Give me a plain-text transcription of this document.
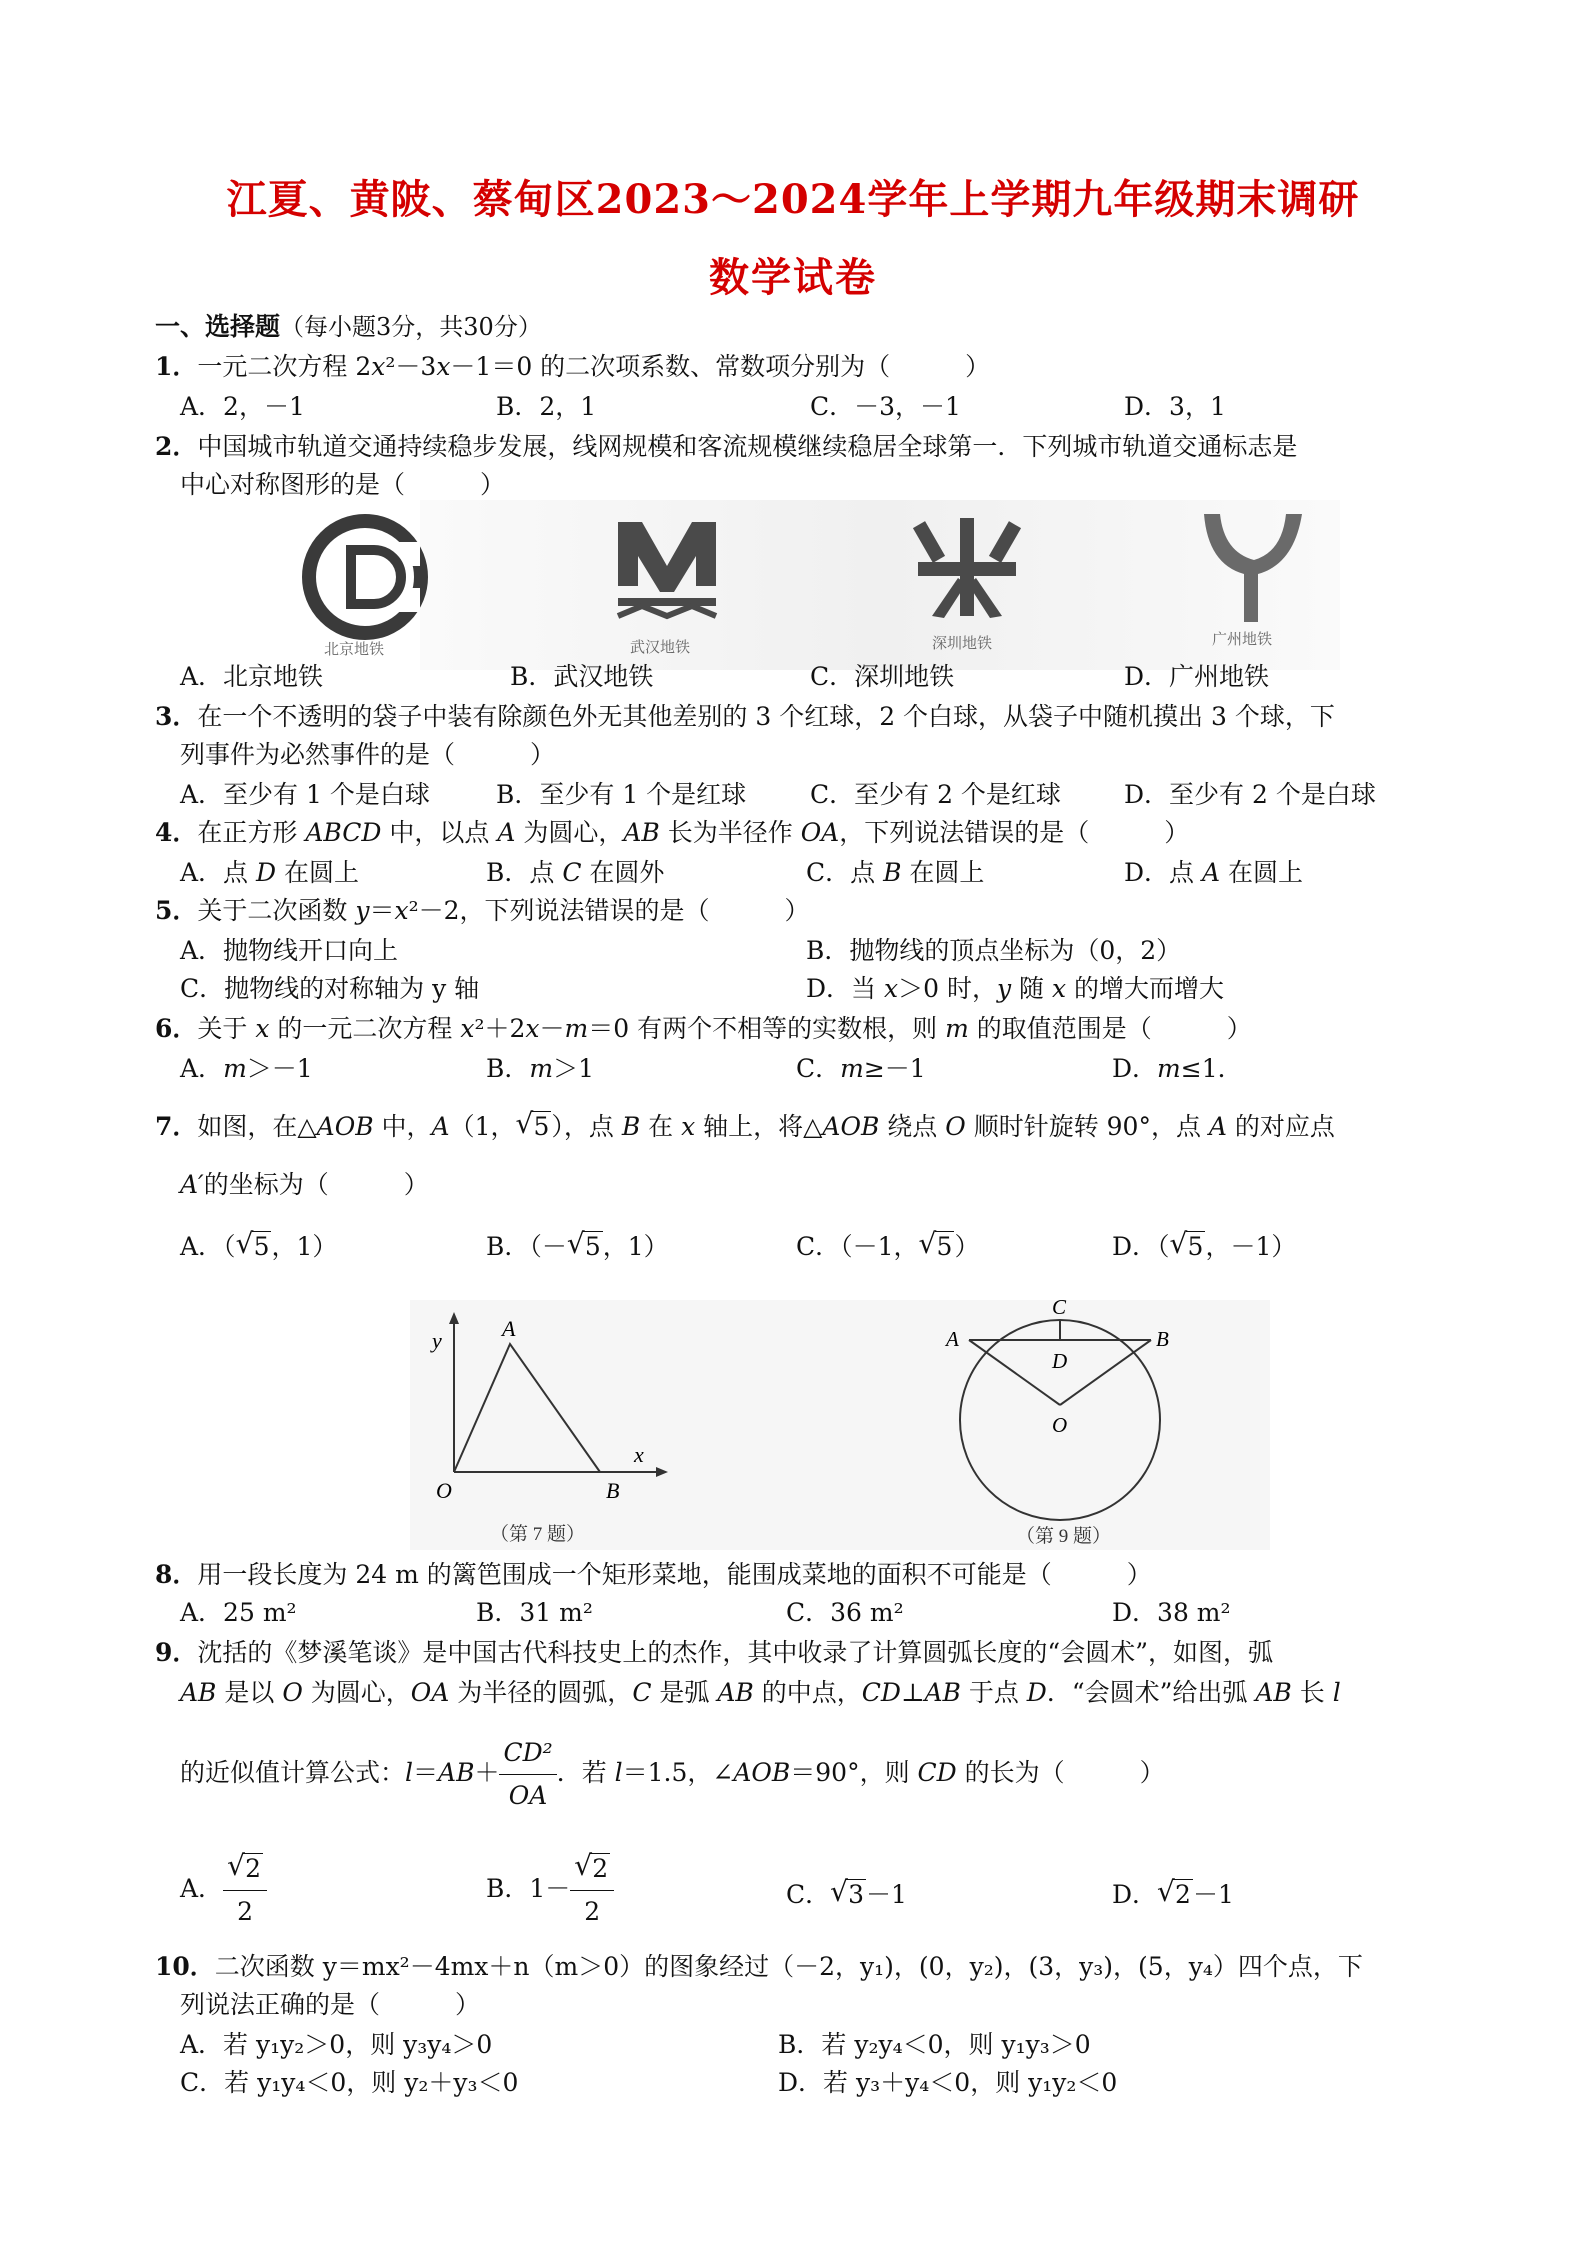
江夏、黄陂、蔡甸区2023～2024学年上学期九年级期末调研
数学试卷
一、选择题（每小题3分，共30分）
1．一元二次方程 2x²－3x－1＝0 的二次项系数、常数项分别为（　　　）
A．2，－1	B．2，1	C．－3，－1	D．3，1
2．中国城市轨道交通持续稳步发展，线网规模和客流规模继续稳居全球第一．下列城市轨道交通标志是
中心对称图形的是（　　　）
北京地铁	武汉地铁	深圳地铁	广州地铁
A．北京地铁	B．武汉地铁	C．深圳地铁	D．广州地铁
3．在一个不透明的袋子中装有除颜色外无其他差别的 3 个红球，2 个白球，从袋子中随机摸出 3 个球，下
列事件为必然事件的是（　　　）
A．至少有 1 个是白球	B．至少有 1 个是红球	C．至少有 2 个是红球	D．至少有 2 个是白球
4．在正方形 ABCD 中，以点 A 为圆心，AB 长为半径作 OA，下列说法错误的是（　　　）
A．点 D 在圆上	B．点 C 在圆外	C．点 B 在圆上	D．点 A 在圆上
5．关于二次函数 y＝x²－2，下列说法错误的是（　　　）
A．抛物线开口向上	B．抛物线的顶点坐标为（0，2）
C．抛物线的对称轴为 y 轴	D．当 x＞0 时，y 随 x 的增大而增大
6．关于 x 的一元二次方程 x²＋2x－m＝0 有两个不相等的实数根，则 m 的取值范围是（　　　）
A．m＞－1	B．m＞1	C．m≥－1	D．m≤1．
7．如图，在△AOB 中，A（1， √ 5），点 B 在 x 轴上，将△AOB 绕点 O 顺时针旋转 90°，点 A 的对应点
A′的坐标为（　　　）
A．（ √ 5，1）	B．（－ √ 5，1）	C．（－1， √ 5）	D．（ √ 5，－1）
y	A
x
O	B
（第 7 题）
C
A	B
D
O
（第 9 题）
8．用一段长度为 24 m 的篱笆围成一个矩形菜地，能围成菜地的面积不可能是（　　　）
A．25 m²	B．31 m²	C．36 m²	D．38 m²
9．沈括的《梦溪笔谈》是中国古代科技史上的杰作，其中收录了计算圆弧长度的“会圆术”，如图，弧
AB 是以 O 为圆心，OA 为半径的圆弧，C 是弧 AB 的中点，CD⊥AB 于点 D．“会圆术”给出弧 AB 长 l
的近似值计算公式：$l=AB+ \frac{\text{CD²}}{OA}$ ．若 l＝1.5，∠AOB＝90°，则 CD 的长为（　　　）
A． √ $\frac{2}{2}$	B．1－ √ $\frac{2}{2}$	C． √ 3－1	D． √ 2－1
10．二次函数 y＝mx²－4mx＋n（m＞0）的图象经过（－2，y₁)，(0，y₂)，(3，y₃)，(5，y₄）四个点，下
列说法正确的是（　　　）
A．若 y₁y₂＞0，则 y₃y₄＞0	B．若 y₂y₄＜0，则 y₁y₃＞0
C．若 y₁y₄＜0，则 y₂＋y₃＜0	D．若 y₃＋y₄＜0，则 y₁y₂＜0
